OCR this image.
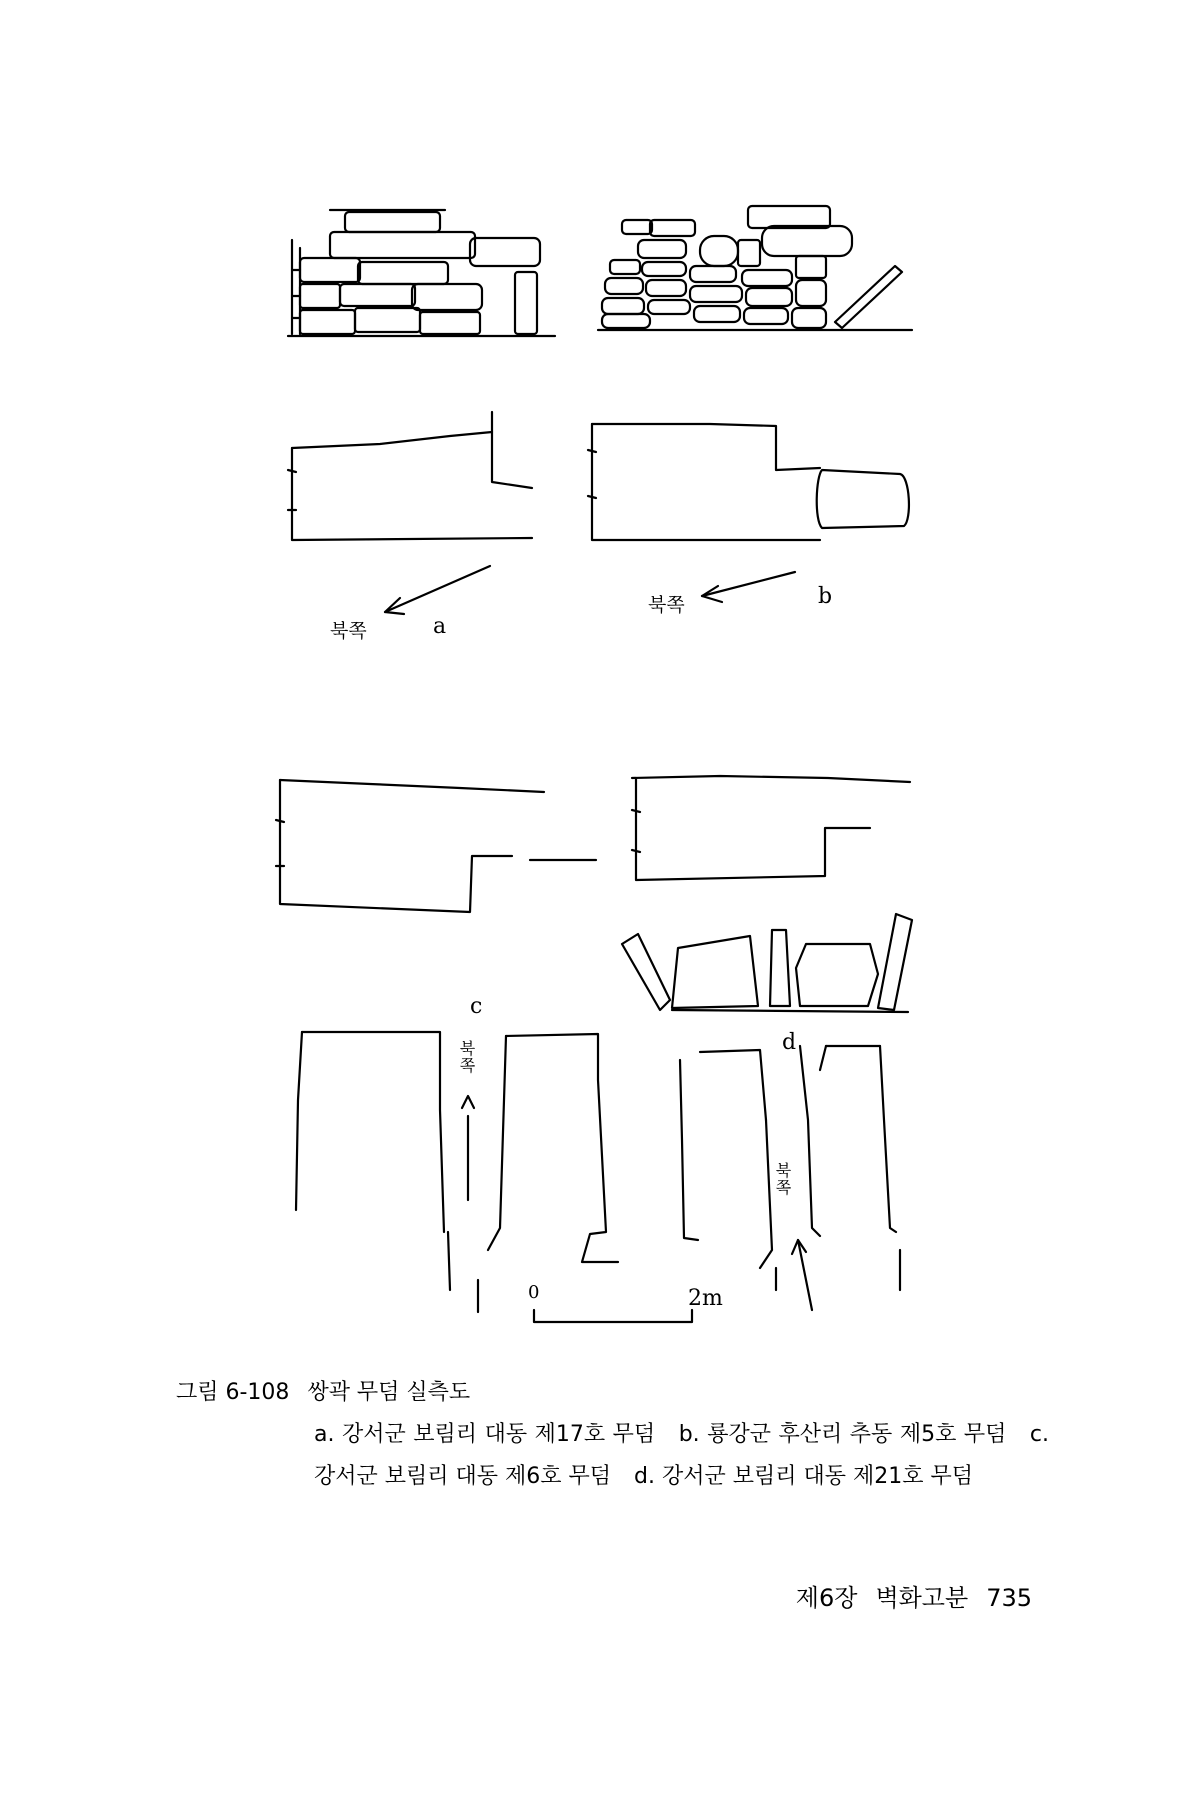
a
북쪽
b
북쪽
c
북쪽	d
북쪽
0	2m
그림 6-108 쌍곽 무덤 실측도
a. 강서군 보림리 대동 제17호 무덤 b. 룡강군 후산리 추동 제5호 무덤 c. 강서군 보림리 대동 제6호 무덤 d. 강서군 보림리 대동 제21호 무덤
제6장 벽화고분 735
